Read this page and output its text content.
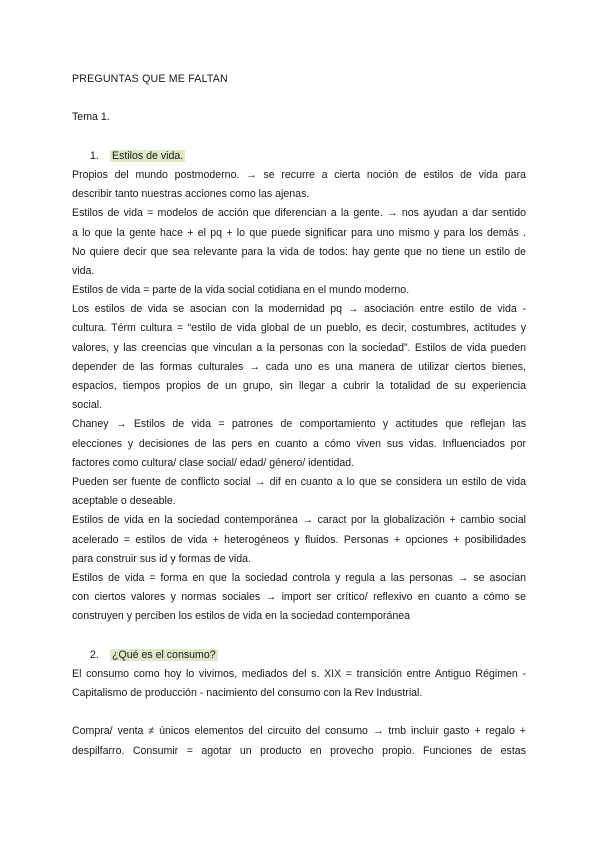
PREGUNTAS QUE ME FALTAN
Tema 1.
1. Estilos de vida.
Propios del mundo postmoderno. → se recurre a cierta noción de estilos de vida para
describir tanto nuestras acciones como las ajenas.
Estilos de vida = modelos de acción que diferencian a la gente. → nos ayudan a dar sentido
a lo que la gente hace + el pq + lo que puede significar para uno mismo y para los demás .
No quiere decir que sea relevante para la vida de todos: hay gente que no tiene un estilo de
vida.
Estilos de vida = parte de la vida social cotidiana en el mundo moderno.
Los estilos de vida se asocian con la modernidad pq → asociación entre estilo de vida -
cultura. Térm cultura = “estilo de vida global de un pueblo, es decir, costumbres, actitudes y
valores, y las creencias que vinculan a la personas con la sociedad”. Estilos de vida pueden
depender de las formas culturales → cada uno es una manera de utilizar ciertos bienes,
espacios, tiempos propios de un grupo, sin llegar a cubrir la totalidad de su experiencia
social.
Chaney → Estilos de vida = patrones de comportamiento y actitudes que reflejan las
elecciones y decisiones de las pers en cuanto a cómo viven sus vidas. Influenciados por
factores como cultura/ clase social/ edad/ género/ identidad.
Pueden ser fuente de conflicto social → dif en cuanto a lo que se considera un estilo de vida
aceptable o deseable.
Estilos de vida en la sociedad contemporánea → caract por la globalización + cambio social
acelerado = estilos de vida + heterogéneos y fluidos. Personas + opciones + posibilidades
para construir sus id y formas de vida.
Estilos de vida = forma en que la sociedad controla y regula a las personas → se asocian
con ciertos valores y normas sociales → import ser crítico/ reflexivo en cuanto a cómo se
construyen y perciben los estilos de vida en la sociedad contemporánea
2. ¿Qué es el consumo?
El consumo como hoy lo vivimos, mediados del s. XIX = transición entre Antiguo Régimen -
Capitalismo de producción - nacimiento del consumo con la Rev Industrial.
Compra/ venta ≠ únicos elementos del circuito del consumo → tmb incluir gasto + regalo +
despilfarro. Consumir = agotar un producto en provecho propio. Funciones de estas
